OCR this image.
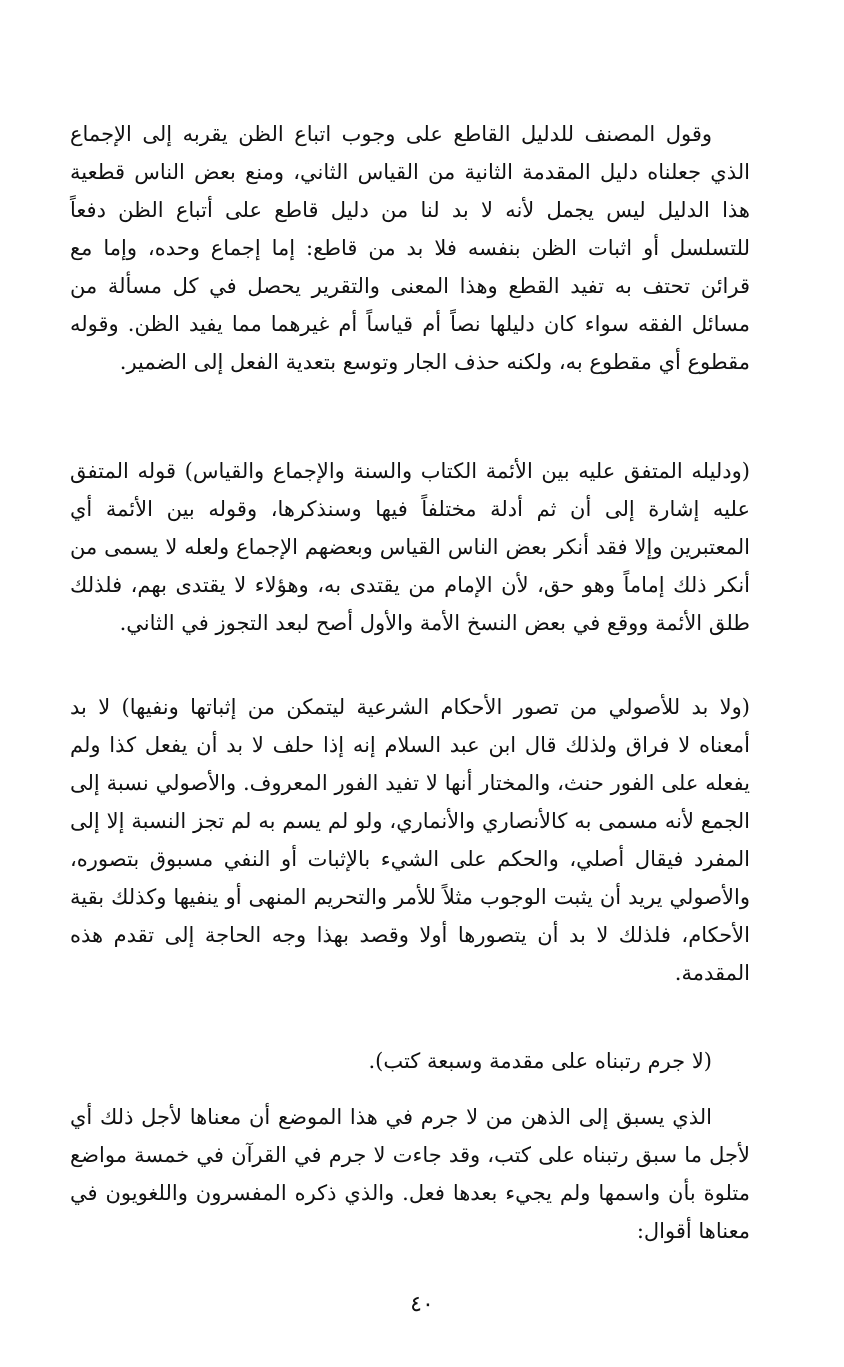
وقول المصنف للدليل القاطع على وجوب اتباع الظن يقربه إلى الإجماع الذي جعلناه دليل المقدمة الثانية من القياس الثاني، ومنع بعض الناس قطعية هذا الدليل ليس يجمل لأنه لا بد لنا من دليل قاطع على أتباع الظن دفعاً للتسلسل أو اثبات الظن بنفسه فلا بد من قاطع: إما إجماع وحده، وإما مع قرائن تحتف به تفيد القطع وهذا المعنى والتقرير يحصل في كل مسألة من مسائل الفقه سواء كان دليلها نصاً أم قياساً أم غيرهما مما يفيد الظن. وقوله مقطوع أي مقطوع به، ولكنه حذف الجار وتوسع بتعدية الفعل إلى الضمير.

(ودليله المتفق عليه بين الأئمة الكتاب والسنة والإجماع والقياس) قوله المتفق عليه إشارة إلى أن ثم أدلة مختلفاً فيها وسنذكرها، وقوله بين الأئمة أي المعتبرين وإلا فقد أنكر بعض الناس القياس وبعضهم الإجماع ولعله لا يسمى من أنكر ذلك إماماً وهو حق، لأن الإمام من يقتدى به، وهؤلاء لا يقتدى بهم، فلذلك طلق الأئمة ووقع في بعض النسخ الأمة والأول أصح لبعد التجوز في الثاني.

(ولا بد للأصولي من تصور الأحكام الشرعية ليتمكن من إثباتها ونفيها) لا بد أمعناه لا فراق ولذلك قال ابن عبد السلام إنه إذا حلف لا بد أن يفعل كذا ولم يفعله على الفور حنث، والمختار أنها لا تفيد الفور المعروف. والأصولي نسبة إلى الجمع لأنه مسمى به كالأنصاري والأنماري، ولو لم يسم به لم تجز النسبة إلا إلى المفرد فيقال أصلي، والحكم على الشيء بالإثبات أو النفي مسبوق بتصوره، والأصولي يريد أن يثبت الوجوب مثلاً للأمر والتحريم المنهى أو ينفيها وكذلك بقية الأحكام، فلذلك لا بد أن يتصورها أولا وقصد بهذا وجه الحاجة إلى تقدم هذه المقدمة.

(لا جرم رتبناه على مقدمة وسبعة كتب).

الذي يسبق إلى الذهن من لا جرم في هذا الموضع أن معناها لأجل ذلك أي لأجل ما سبق رتبناه على كتب، وقد جاءت لا جرم في القرآن في خمسة مواضع متلوة بأن واسمها ولم يجيء بعدها فعل. والذي ذكره المفسرون واللغويون في معناها أقوال:

٤٠
